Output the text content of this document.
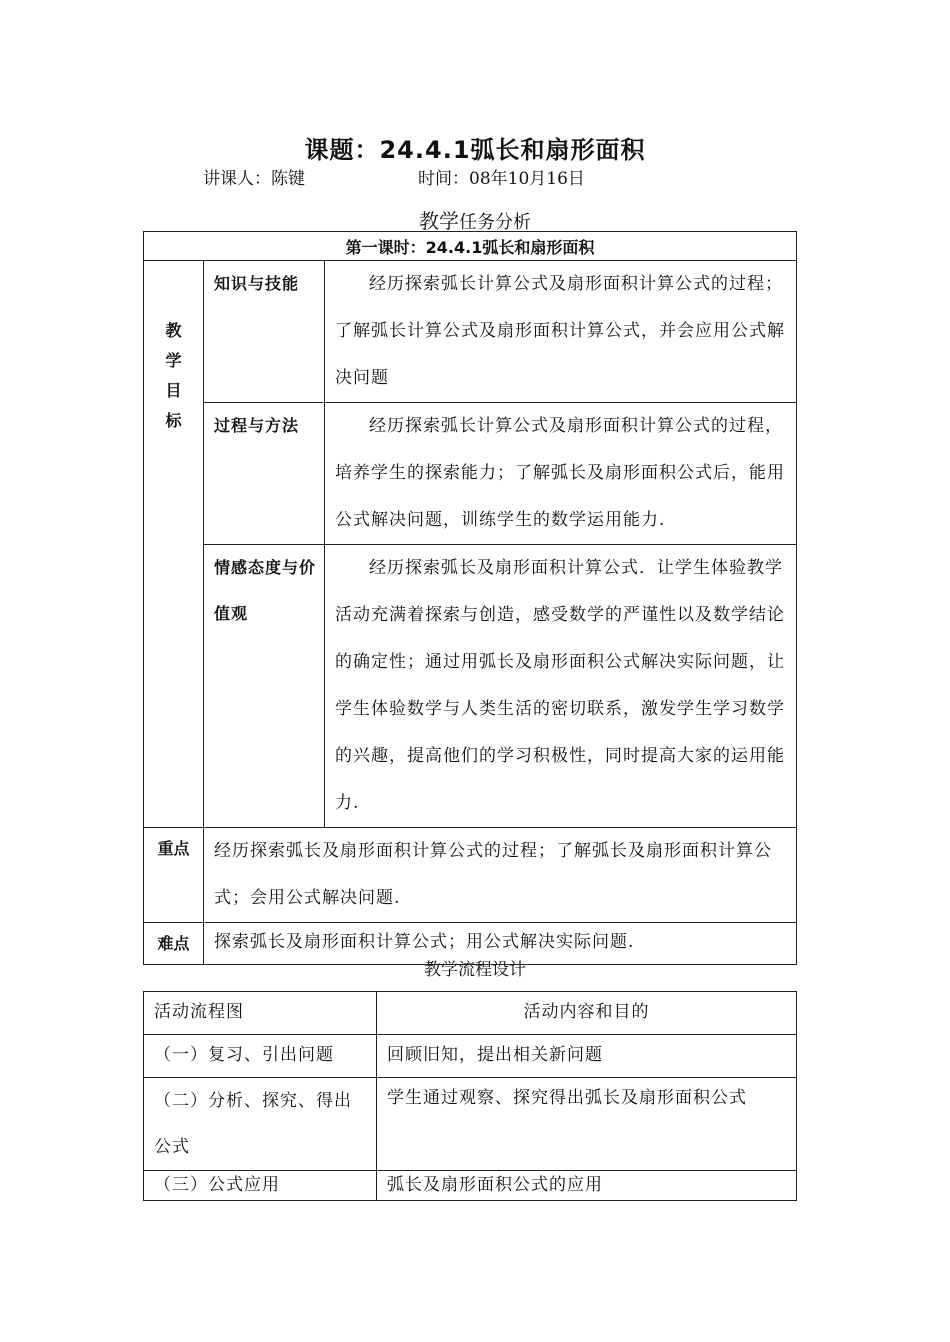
课题：24.4.1弧长和扇形面积
讲课人：陈键	时间：08年10月16日
教学任务分析
第一课时：24.4.1弧长和扇形面积		

教
学
目
标	知识与技能	经历探索弧长计算公式及扇形面积计算公式的过程；了解弧长计算公式及扇形面积计算公式，并会应用公式解决问题
	过程与方法	经历探索弧长计算公式及扇形面积计算公式的过程，培养学生的探索能力；了解弧长及扇形面积公式后，能用公式解决问题，训练学生的数学运用能力.
	情感态度与价值观	经历探索弧长及扇形面积计算公式．让学生体验教学活动充满着探索与创造，感受数学的严谨性以及数学结论的确定性；通过用弧长及扇形面积公式解决实际问题，让学生体验数学与人类生活的密切联系，激发学生学习数学的兴趣，提高他们的学习积极性，同时提高大家的运用能力.
重点	经历探索弧长及扇形面积计算公式的过程；了解弧长及扇形面积计算公式；会用公式解决问题.	
难点	探索弧长及扇形面积计算公式；用公式解决实际问题.	
教学流程设计
活动流程图	活动内容和目的
（一）复习、引出问题	回顾旧知，提出相关新问题
（二）分析、探究、得出公式	学生通过观察、探究得出弧长及扇形面积公式
（三）公式应用	弧长及扇形面积公式的应用
